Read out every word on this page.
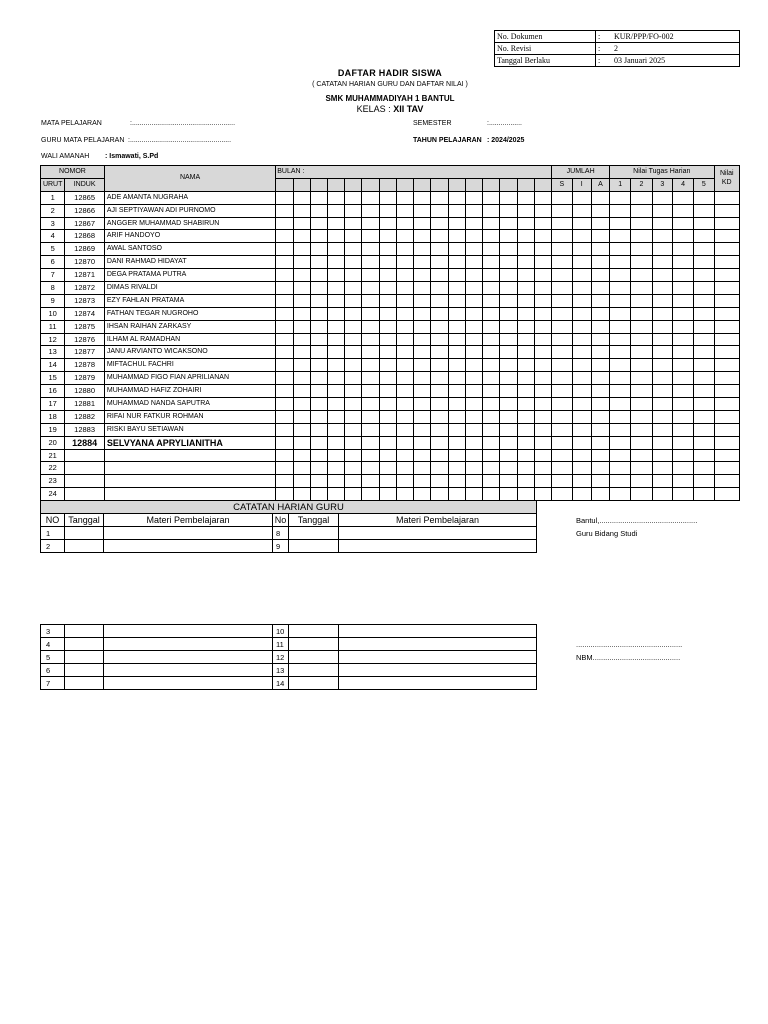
No. Dokumen	:	KUR/PPP/FO-002
No. Revisi	:	2
Tanggal Berlaku	:	03 Januari 2025
DAFTAR HADIR SISWA
( CATATAN HARIAN GURU DAN DAFTAR NILAI )
SMK MUHAMMADIYAH 1 BANTUL
KELAS : XII TAV
MATA PELAJARAN	:.....................................................
GURU MATA PELAJARAN :....................................................
WALI AMANAH : Ismawati, S.Pd
SEMESTER	:.................
TAHUN PELAJARAN : 2024/2025
NOMOR		NAMA	BULAN :																JUMLAH			Nilai Tugas Harian					Nilai
KD

URUT	INDUK																		S	I	A	1	2	3	4	5	
1	12865	ADE AMANTA NUGRAHA																									
2	12866	AJI SEPTIYAWAN ADI PURNOMO																									
3	12867	ANGGER MUHAMMAD SHABIRUN																									
4	12868	ARIF HANDOYO																									
5	12869	AWAL SANTOSO																									
6	12870	DANI RAHMAD HIDAYAT																									
7	12871	DEGA PRATAMA PUTRA																									
8	12872	DIMAS RIVALDI																									
9	12873	EZY FAHLAN PRATAMA																									
10	12874	FATHAN TEGAR NUGROHO																									
11	12875	IHSAN RAIHAN ZARKASY																									
12	12876	ILHAM AL RAMADHAN																									
13	12877	JANU ARVIANTO WICAKSONO																									
14	12878	MIFTACHUL FACHRI																									
15	12879	MUHAMMAD FIGO FIAN APRILIANAN																									
16	12880	MUHAMMAD HAFIZ ZOHAIRI																									
17	12881	MUHAMMAD NANDA SAPUTRA																									
18	12882	RIFAI NUR FATKUR ROHMAN																									
19	12883	RISKI BAYU SETIAWAN																									
20	12884	SELVYANA APRYLIANITHA																									
21																											
22																											
23																											
24																											
CATATAN HARIAN GURU					
NO	Tanggal	Materi Pembelajaran	No	Tanggal	Materi Pembelajaran
1			8		
2			9		
3			10		
4			11		
5			12		
6			13		
7			14		
Bantul,...............................................
Guru Bidang Studi
...................................................
NBM..........................................
